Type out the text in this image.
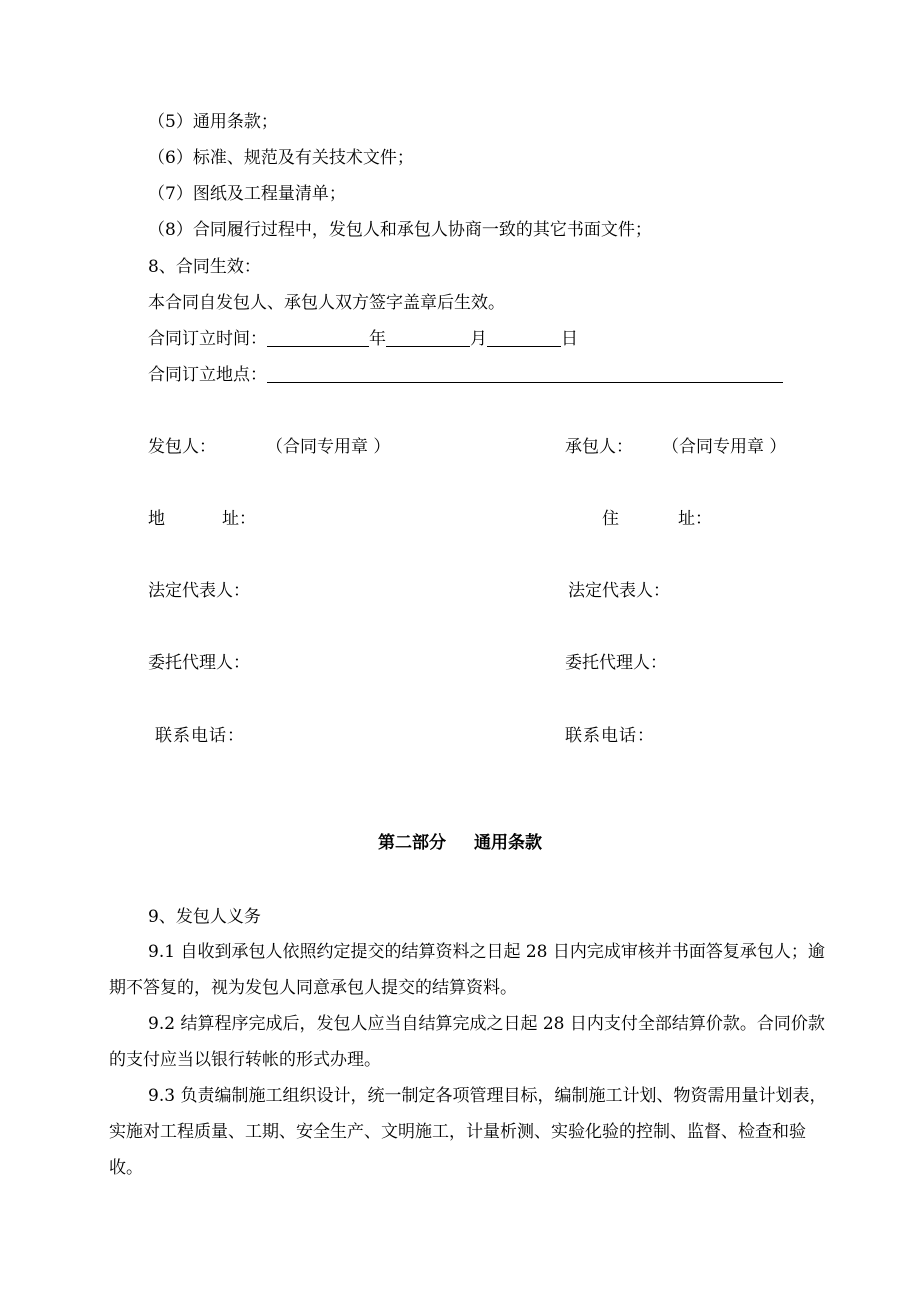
（5）通用条款；
（6）标准、规范及有关技术文件；
（7）图纸及工程量清单；
（8）合同履行过程中，发包人和承包人协商一致的其它书面文件；
8、合同生效：
本合同自发包人、承包人双方签字盖章后生效。
合同订立时间：	年	月	日
合同订立地点：
发包人：	（合同专用章 ）	承包人： （合同专用章 ）
地	址：	住	址：
法定代表人：	法定代表人：
委托代理人：	委托代理人：
联系电话：	联系电话：
第二部分 通用条款
9、发包人义务
9.1 自收到承包人依照约定提交的结算资料之日起 28 日内完成审核并书面答复承包人；逾期不答复的，视为发包人同意承包人提交的结算资料。
9.2 结算程序完成后，发包人应当自结算完成之日起 28 日内支付全部结算价款。合同价款的支付应当以银行转帐的形式办理。
9.3 负责编制施工组织设计，统一制定各项管理目标，编制施工计划、物资需用量计划表，实施对工程质量、工期、安全生产、文明施工，计量析测、实验化验的控制、监督、检查和验收。
